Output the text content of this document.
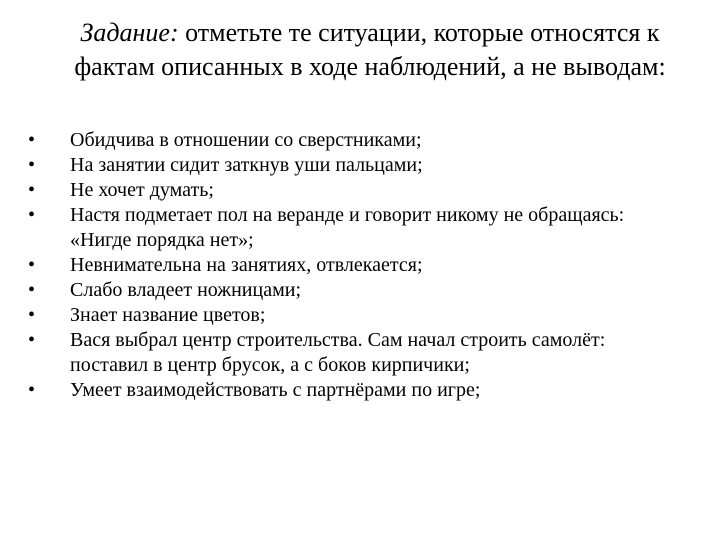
Задание: отметьте те ситуации, которые относятся к фактам описанных в ходе наблюдений, а не выводам:
•	Обидчива в отношении со сверстниками;
•	На занятии сидит заткнув уши пальцами;
•	Не хочет думать;
•	Настя подметает пол на веранде и говорит никому не обращаясь: «Нигде порядка нет»;
•	Невнимательна на занятиях, отвлекается;
•	Слабо владеет ножницами;
•	Знает название цветов;
•	Вася выбрал центр строительства. Сам начал строить самолёт: поставил в центр брусок, а с боков кирпичики;
•	Умеет взаимодействовать с партнёрами по игре;
